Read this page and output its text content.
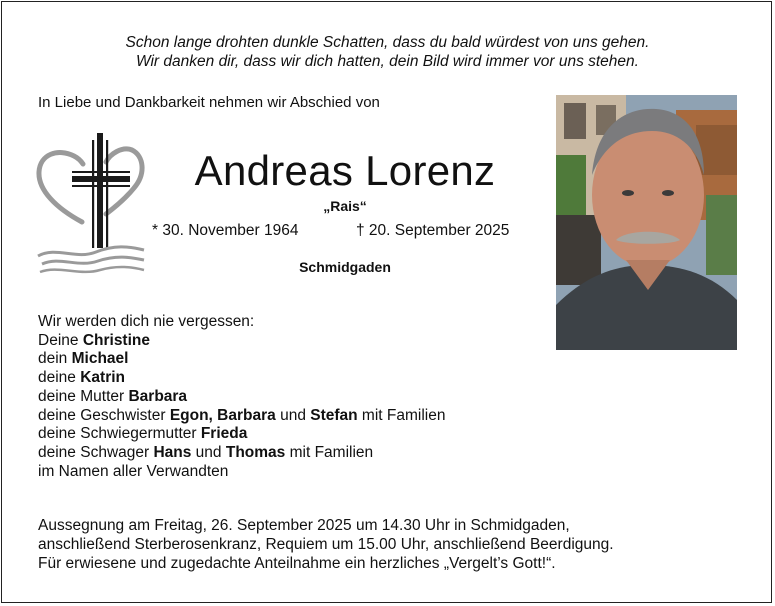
Schon lange drohten dunkle Schatten, dass du bald würdest von uns gehen.
Wir danken dir, dass wir dich hatten, dein Bild wird immer vor uns stehen.
In Liebe und Dankbarkeit nehmen wir Abschied von
Andreas Lorenz
„Rais“
* 30. November 1964	† 20. September 2025
Schmidgaden
Wir werden dich nie vergessen:
Deine Christine
dein Michael
deine Katrin
deine Mutter Barbara
deine Geschwister Egon, Barbara und Stefan mit Familien
deine Schwiegermutter Frieda
deine Schwager Hans und Thomas mit Familien
im Namen aller Verwandten
Aussegnung am Freitag, 26. September 2025 um 14.30 Uhr in Schmidgaden,
anschließend Sterberosenkranz, Requiem um 15.00 Uhr, anschließend Beerdigung.
Für erwiesene und zugedachte Anteilnahme ein herzliches „Vergelt’s Gott!“.
